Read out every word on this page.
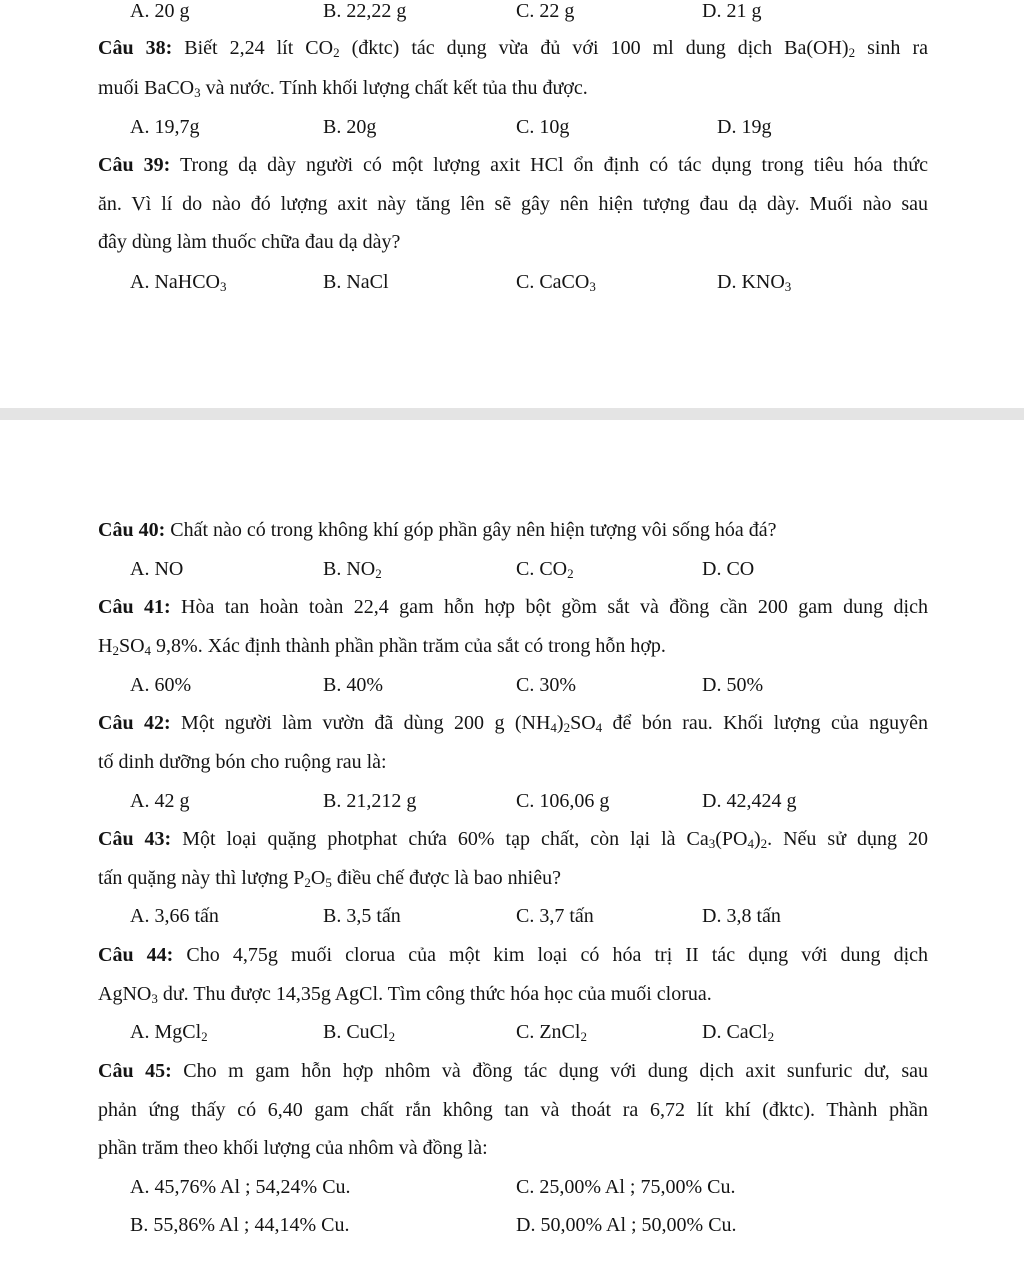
A. 20 g	B. 22,22 g	C. 22 g	D. 21 g
Câu 38: Biết 2,24 lít $CO_2$ (đktc) tác dụng vừa đủ với 100 ml dung dịch $Ba(OH)_2$ sinh ra
muối BaCO$_3$ và nước. Tính khối lượng chất kết tủa thu được.
A. 19,7g	B. 20g	C. 10g	D. 19g
Câu 39: Trong dạ dày người có một lượng axit HCl ổn định có tác dụng trong tiêu hóa thức
ăn. Vì lí do nào đó lượng axit này tăng lên sẽ gây nên hiện tượng đau dạ dày. Muối nào sau
đây dùng làm thuốc chữa đau dạ dày?
A. NaHCO$_3$	B. NaCl	C. CaCO$_3$	D. $KNO_3$
Câu 40: Chất nào có trong không khí góp phần gây nên hiện tượng vôi sống hóa đá?
A. NO	B. $NO_2$	C. $CO_2$	D. CO
Câu 41: Hòa tan hoàn toàn 22,4 gam hỗn hợp bột gồm sắt và đồng cần 200 gam dung dịch
$H_2SO_4$ 9,8%. Xác định thành phần phần trăm của sắt có trong hỗn hợp.
A. 60%	B. 40%	C. 30%	D. 50%
Câu 42: Một người làm vườn đã dùng 200 g $(NH_4)_2SO_4$ để bón rau. Khối lượng của nguyên
tố dinh dưỡng bón cho ruộng rau là:
A. 42 g	B. 21,212 g	C. 106,06 g	D. 42,424 g
Câu 43: Một loại quặng photphat chứa 60% tạp chất, còn lại là $Ca_3(PO_4)_2$. Nếu sử dụng 20
tấn quặng này thì lượng $P_2O_5$ điều chế được là bao nhiêu?
A. 3,66 tấn	B. 3,5 tấn	C. 3,7 tấn	D. 3,8 tấn
Câu 44: Cho 4,75g muối clorua của một kim loại có hóa trị II tác dụng với dung dịch
AgNO$_3$ dư. Thu được 14,35g AgCl. Tìm công thức hóa học của muối clorua.
A. MgCl$_2$	B. CuCl$_2$	C. ZnCl$_2$	D. CaCl$_2$
Câu 45: Cho m gam hỗn hợp nhôm và đồng tác dụng với dung dịch axit sunfuric dư, sau
phản ứng thấy có 6,40 gam chất rắn không tan và thoát ra 6,72 lít khí (đktc). Thành phần
phần trăm theo khối lượng của nhôm và đồng là:
A. 45,76% Al ; 54,24% Cu.	C. 25,00% Al ; 75,00% Cu.
B. 55,86% Al ; 44,14% Cu.	D. 50,00% Al ; 50,00% Cu.
